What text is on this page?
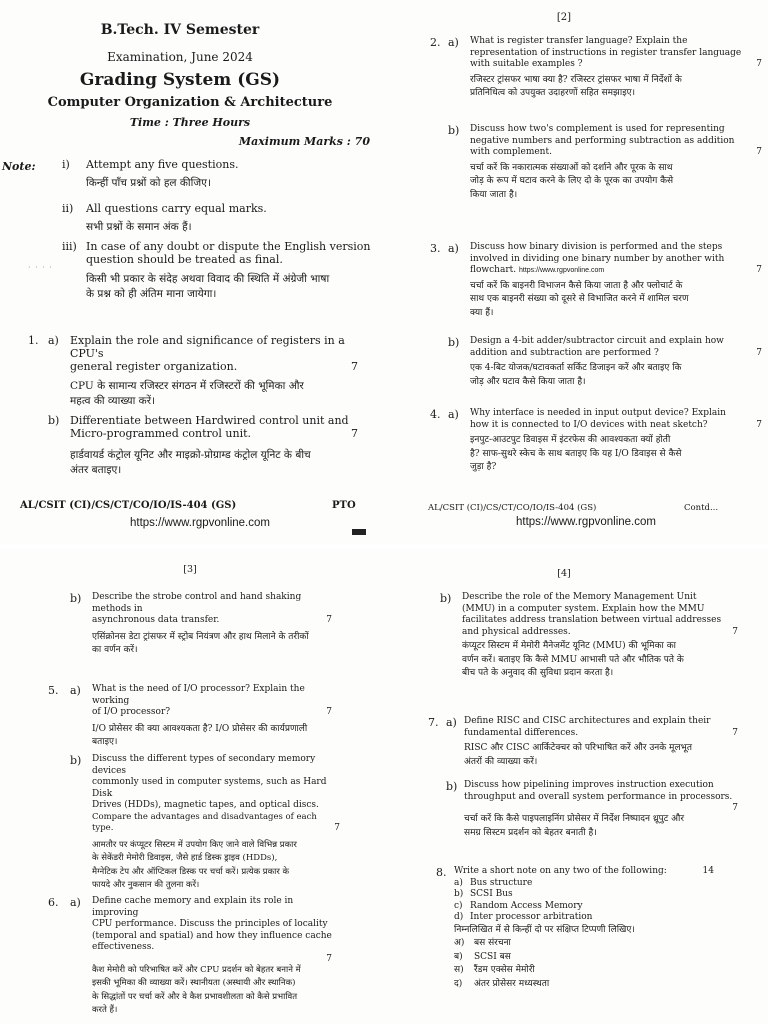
B.Tech. IV Semester
Examination, June 2024
Grading System (GS)
Computer Organization & Architecture
Time : Three Hours
Maximum Marks : 70
Note: i) Attempt any five questions.
किन्हीं पाँच प्रश्नों को हल कीजिए।
ii) All questions carry equal marks.
सभी प्रश्नों के समान अंक हैं।
iii) In case of any doubt or dispute the English version
question should be treated as final.
किसी भी प्रकार के संदेह अथवा विवाद की स्थिति में अंग्रेजी भाषा
के प्रश्न को ही अंतिम माना जायेगा।
· · · ·
1. a) Explain the role and significance of registers in a CPU's
general register organization.	7
CPU के सामान्य रजिस्टर संगठन में रजिस्टरों की भूमिका और
महत्व की व्याख्या करें।
b) Differentiate between Hardwired control unit and
Micro-programmed control unit.	7
हार्डवायर्ड कंट्रोल यूनिट और माइक्रो-प्रोग्राम्ड कंट्रोल यूनिट के बीच
अंतर बताइए।
AL/CSIT (CI)/CS/CT/CO/IO/IS-404 (GS)	PTO
https://www.rgpvonline.com
[2]
2. a) What is register transfer language? Explain the
representation of instructions in register transfer language
with suitable examples ?	7
रजिस्टर ट्रांसफर भाषा क्या है? रजिस्टर ट्रांसफर भाषा में निर्देशों के
प्रतिनिधित्व को उपयुक्त उदाहरणों सहित समझाइए।
b) Discuss how two's complement is used for representing
negative numbers and performing subtraction as addition
with complement.	7
चर्चा करें कि नकारात्मक संख्याओं को दर्शाने और पूरक के साथ
जोड़ के रूप में घटाव करने के लिए दो के पूरक का उपयोग कैसे
किया जाता है।
3. a) Discuss how binary division is performed and the steps
involved in dividing one binary number by another with
flowchart. https://www.rgpvonline.com	7
चर्चा करें कि बाइनरी विभाजन कैसे किया जाता है और फ्लोचार्ट के
साथ एक बाइनरी संख्या को दूसरे से विभाजित करने में शामिल चरण
क्या हैं।
b) Design a 4-bit adder/subtractor circuit and explain how
addition and subtraction are performed ?	7
एक 4-बिट योजक/घटावकर्ता सर्किट डिजाइन करें और बताइए कि
जोड़ और घटाव कैसे किया जाता है।
4. a) Why interface is needed in input output device? Explain
how it is connected to I/O devices with neat sketch?	7
इनपुट-आउटपुट डिवाइस में इंटरफेस की आवश्यकता क्यों होती
है? साफ-सुथरे स्केच के साथ बताइए कि यह I/O डिवाइस से कैसे
जुड़ा है?
AL/CSIT (CI)/CS/CT/CO/IO/IS-404 (GS)	Contd...
https://www.rgpvonline.com
[3]
b) Describe the strobe control and hand shaking methods in
asynchronous data transfer.	7
एसिंक्रोनस डेटा ट्रांसफर में स्ट्रोब नियंत्रण और हाथ मिलाने के तरीकों
का वर्णन करें।
5. a) What is the need of I/O processor? Explain the working
of I/O processor?	7
I/O प्रोसेसर की क्या आवश्यकता है? I/O प्रोसेसर की कार्यप्रणाली
बताइए।
b) Discuss the different types of secondary memory devices
commonly used in computer systems, such as Hard Disk
Drives (HDDs), magnetic tapes, and optical discs.
Compare the advantages and disadvantages of each type.	7
आमतौर पर कंप्यूटर सिस्टम में उपयोग किए जाने वाले विभिन्न प्रकार
के सेकेंडरी मेमोरी डिवाइस, जैसे हार्ड डिस्क ड्राइव (HDDs),
मैग्नेटिक टेप और ऑप्टिकल डिस्क पर चर्चा करें। प्रत्येक प्रकार के
फायदे और नुकसान की तुलना करें।
6. a) Define cache memory and explain its role in improving
CPU performance. Discuss the principles of locality
(temporal and spatial) and how they influence cache
effectiveness.
7
कैश मेमोरी को परिभाषित करें और CPU प्रदर्शन को बेहतर बनाने में
इसकी भूमिका की व्याख्या करें। स्थानीयता (अस्थायी और स्थानिक)
के सिद्धांतों पर चर्चा करें और वे कैश प्रभावशीलता को कैसे प्रभावित
करते हैं।
[4]
b) Describe the role of the Memory Management Unit
(MMU) in a computer system. Explain how the MMU
facilitates address translation between virtual addresses
and physical addresses.	7
कंप्यूटर सिस्टम में मेमोरी मैनेजमेंट यूनिट (MMU) की भूमिका का
वर्णन करें। बताइए कि कैसे MMU आभासी पते और भौतिक पते के
बीच पते के अनुवाद की सुविधा प्रदान करता है।
7. a) Define RISC and CISC architectures and explain their
fundamental differences.	7
RISC और CISC आर्किटेक्चर को परिभाषित करें और उनके मूलभूत
अंतरों की व्याख्या करें।
b) Discuss how pipelining improves instruction execution
throughput and overall system performance in processors.
7
चर्चा करें कि कैसे पाइपलाइनिंग प्रोसेसर में निर्देश निष्पादन थ्रूपुट और
समग्र सिस्टम प्रदर्शन को बेहतर बनाती है।
8. Write a short note on any two of the following:	14
a) Bus structure
b) SCSI Bus
c) Random Access Memory
d) Inter processor arbitration
निम्नलिखित में से किन्हीं दो पर संक्षिप्त टिप्पणी लिखिए।
अ) बस संरचना
ब) SCSI बस
स) रैंडम एक्सेस मेमोरी
द) अंतर प्रोसेसर मध्यस्थता
